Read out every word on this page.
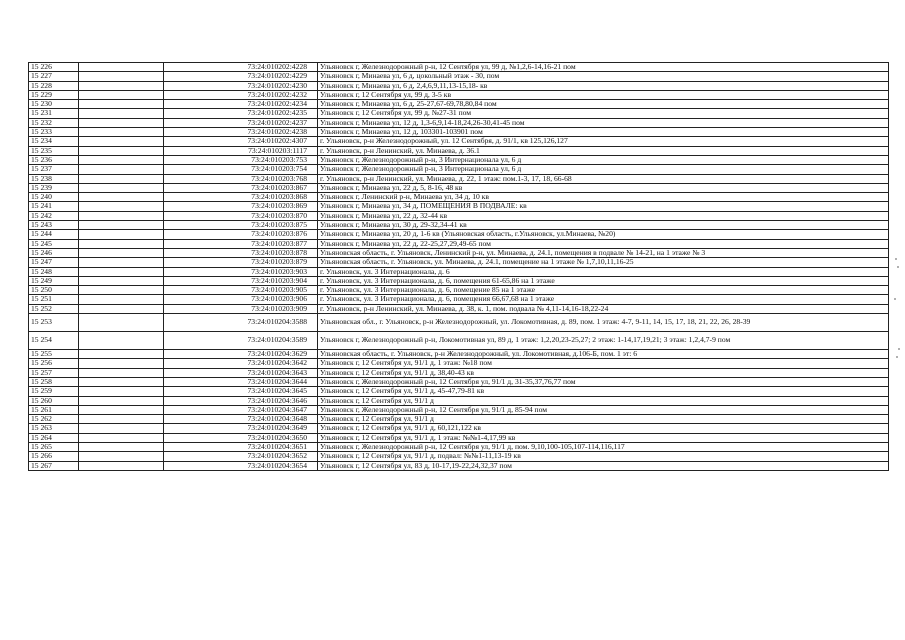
15 226		73:24:010202:4228	Ульяновск г, Железнодорожный р-н, 12 Сентября ул, 99 д, №1,2,6-14,16-21 пом
15 227		73:24:010202:4229	Ульяновск г, Минаева ул, 6 д, цокольный этаж - 30, пом
15 228		73:24:010202:4230	Ульяновск г, Минаева ул, 6 д, 2,4,6,9,11,13-15,18- кв
15 229		73:24:010202:4232	Ульяновск г, 12 Сентября ул, 99 д, 3-5 кв
15 230		73:24:010202:4234	Ульяновск г, Минаева ул, 6 д, 25-27,67-69,78,80,84 пом
15 231		73:24:010202:4235	Ульяновск г, 12 Сентября ул, 99 д, №27-31 пом
15 232		73:24:010202:4237	Ульяновск г, Минаева ул, 12 д, 1,3-6,9,14-18,24,26-30,41-45 пом
15 233		73:24:010202:4238	Ульяновск г, Минаева ул, 12 д, 103301-103901 пом
15 234		73:24:010202:4307	г. Ульяновск, р-н Железнодорожный, ул. 12 Сентября, д. 91/1, кв 125,126,127
15 235		73:24:010203:1117	г. Ульяновск, р-н Ленинский, ул. Минаева, д. 36.1
15 236		73:24:010203:753	Ульяновск г, Железнодорожный р-н, 3 Интернационала ул, 6 д
15 237		73:24:010203:754	Ульяновск г, Железнодорожный р-н, 3 Интернационала ул, 6 д
15 238		73:24:010203:768	г. Ульяновск, р-н Ленинский, ул. Минаева, д. 22, 1 этаж: пом.1-3, 17, 18, 66-68
15 239		73:24:010203:867	Ульяновск г, Минаева ул, 22 д, 5, 8-16, 48 кв
15 240		73:24:010203:868	Ульяновск г, Ленинский р-н, Минаева ул, 34 д, 10 кв
15 241		73:24:010203:869	Ульяновск г, Минаева ул, 34 д, ПОМЕЩЕНИЯ В ПОДВАЛЕ: кв
15 242		73:24:010203:870	Ульяновск г, Минаева ул, 22 д, 32-44 кв
15 243		73:24:010203:875	Ульяновск г, Минаева ул, 30 д, 29-32,34-41 кв
15 244		73:24:010203:876	Ульяновск г, Минаева ул, 20 д, 1-6 кв (Ульяновская область, г.Ульяновск, ул.Минаева, №20)
15 245		73:24:010203:877	Ульяновск г, Минаева ул, 22 д, 22-25,27,29,49-65 пом
15 246		73:24:010203:878	Ульяновская область, г. Ульяновск, Ленинский р-н, ул. Минаева, д. 24.1, помещения в подвале № 14-21, на 1 этаже № 3
15 247		73:24:010203:879	Ульяновская область, г. Ульяновск, ул. Минаева, д. 24.1, помещение на 1 этаже № 1,7,10,11,16-25
15 248		73:24:010203:903	г. Ульяновск, ул. 3 Интернационала, д. 6
15 249		73:24:010203:904	г. Ульяновск, ул. 3 Интернационала, д. 6, помещения 61-65,86 на 1 этаже
15 250		73:24:010203:905	г. Ульяновск, ул. 3 Интернационала, д. 6, помещение 85 на 1 этаже
15 251		73:24:010203:906	г. Ульяновск, ул. 3 Интернационала, д. 6, помещения 66,67,68 на 1 этаже
15 252		73:24:010203:909	г. Ульяновск, р-н Ленинский, ул. Минаева, д. 38, к. 1, пом. подвала № 4,11-14,16-18,22-24
15 253		73:24:010204:3588	Ульяновская обл., г. Ульяновск, р-н Железнодорожный, ул. Локомотивная, д. 89, пом. 1 этаж: 4-7, 9-11, 14, 15, 17, 18, 21, 22, 26, 28-39
15 254		73:24:010204:3589	Ульяновск г, Железнодорожный р-н, Локомотивная ул, 89 д, 1 этаж: 1,2,20,23-25,27; 2 этаж: 1-14,17,19,21; 3 этаж: 1,2,4,7-9 пом
15 255		73:24:010204:3629	Ульяновская область, г. Ульяновск, р-н Железнодорожный, ул. Локомотивная, д.106-Б, пом. 1 эт: 6
15 256		73:24:010204:3642	Ульяновск г, 12 Сентября ул, 91/1 д, 1 этаж: №18 пом
15 257		73:24:010204:3643	Ульяновск г, 12 Сентября ул, 91/1 д, 38,40-43 кв
15 258		73:24:010204:3644	Ульяновск г, Железнодорожный р-н, 12 Сентября ул, 91/1 д, 31-35,37,76,77 пом
15 259		73:24:010204:3645	Ульяновск г, 12 Сентября ул, 91/1 д, 45-47,79-81 кв
15 260		73:24:010204:3646	Ульяновск г, 12 Сентября ул, 91/1 д
15 261		73:24:010204:3647	Ульяновск г, Железнодорожный р-н, 12 Сентября ул, 91/1 д, 85-94 пом
15 262		73:24:010204:3648	Ульяновск г, 12 Сентября ул, 91/1 д
15 263		73:24:010204:3649	Ульяновск г, 12 Сентября ул, 91/1 д, 60,121,122 кв
15 264		73:24:010204:3650	Ульяновск г, 12 Сентября ул, 91/1 д, 1 этаж: №№1-4,17,99 кв
15 265		73:24:010204:3651	Ульяновск г, Железнодорожный р-н, 12 Сентября ул, 91/1 д, пом. 9,10,100-105,107-114,116,117
15 266		73:24:010204:3652	Ульяновск г, 12 Сентября ул, 91/1 д, подвал: №№1-11,13-19 кв
15 267		73:24:010204:3654	Ульяновск г, 12 Сентября ул, 83 д, 10-17,19-22,24,32,37 пом
